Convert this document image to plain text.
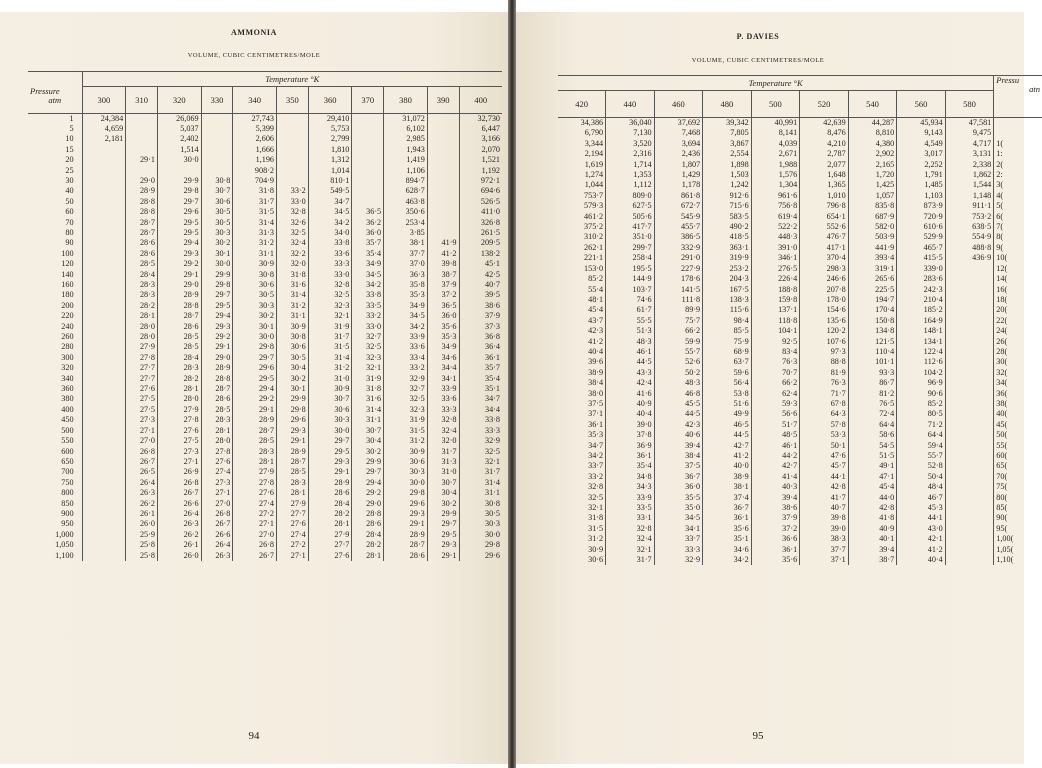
AMMONIA
VOLUME, CUBIC CENTIMETRES/MOLE
	Temperature °K										

Pressure
atm	300	310	320	330	340	350	360	370	380	390	400
1	24,384		26,069		27,743		29,410		31,072		32,730
5	4,659		5,037		5,399		5,753		6,102		6,447
10	2,181		2,402		2,606		2,799		2,985		3,166
15			1,514		1,666		1,810		1,943		2,070
20		29·1	30·0		1,196		1,312		1,419		1,521
25					908·2		1,014		1,106		1,192
30		29·0	29·9	30·8	704·9		810·1		894·7		972·1
40		28·9	29·8	30·7	31·8	33·2	549·5		628·7		694·6
50		28·8	29·7	30·6	31·7	33·0	34·7		463·8		526·5
60		28·8	29·6	30·5	31·5	32·8	34·5	36·5	350·6		411·0
70		28·7	29·5	30·5	31·4	32·6	34·2	36·2	253·4		326·8
80		28·7	29·5	30·3	31·3	32·5	34·0	36·0	3·85		261·5
90		28·6	29·4	30·2	31·2	32·4	33·8	35·7	38·1	41·9	209·5
100		28·6	29·3	30·1	31·1	32·2	33·6	35·4	37·7	41·2	138·2
120		28·5	29·2	30·0	30·9	32·0	33·3	34·9	37·0	39·8	45·1
140		28·4	29·1	29·9	30·8	31·8	33·0	34·5	36·3	38·7	42·5
160		28·3	29·0	29·8	30·6	31·6	32·8	34·2	35·8	37·9	40·7
180		28·3	28·9	29·7	30·5	31·4	32·5	33·8	35·3	37·2	39·5
200		28·2	28·8	29·5	30·3	31·2	32·3	33·5	34·9	36·5	38·6
220		28·1	28·7	29·4	30·2	31·1	32·1	33·2	34·5	36·0	37·9
240		28·0	28·6	29·3	30·1	30·9	31·9	33·0	34·2	35·6	37·3
260		28·0	28·5	29·2	30·0	30·8	31·7	32·7	33·9	35·3	36·8
280		27·9	28·5	29·1	29·8	30·6	31·5	32·5	33·6	34·9	36·4
300		27·8	28·4	29·0	29·7	30·5	31·4	32·3	33·4	34·6	36·1
320		27·7	28·3	28·9	29·6	30·4	31·2	32·1	33·2	34·4	35·7
340		27·7	28·2	28·8	29·5	30·2	31·0	31·9	32·9	34·1	35·4
360		27·6	28·1	28·7	29·4	30·1	30·9	31·8	32·7	33·9	35·1
380		27·5	28·0	28·6	29·2	29·9	30·7	31·6	32·5	33·6	34·7
400		27·5	27·9	28·5	29·1	29·8	30·6	31·4	32·3	33·3	34·4
450		27·3	27·8	28·3	28·9	29·6	30·3	31·1	31·9	32·8	33·8
500		27·1	27·6	28·1	28·7	29·3	30·0	30·7	31·5	32·4	33·3
550		27·0	27·5	28·0	28·5	29·1	29·7	30·4	31·2	32·0	32·9
600		26·8	27·3	27·8	28·3	28·9	29·5	30·2	30·9	31·7	32·5
650		26·7	27·1	27·6	28·1	28·7	29·3	29·9	30·6	31·3	32·1
700		26·5	26·9	27·4	27·9	28·5	29·1	29·7	30·3	31·0	31·7
750		26·4	26·8	27·3	27·8	28·3	28·9	29·4	30·0	30·7	31·4
800		26·3	26·7	27·1	27·6	28·1	28·6	29·2	29·8	30·4	31·1
850		26·2	26·6	27·0	27·4	27·9	28·4	29·0	29·6	30·2	30·8
900		26·1	26·4	26·8	27·2	27·7	28·2	28·8	29·3	29·9	30·5
950		26·0	26·3	26·7	27·1	27·6	28·1	28·6	29·1	29·7	30·3
1,000		25·9	26·2	26·6	27·0	27·4	27·9	28·4	28·9	29·5	30·0
1,050		25·8	26·1	26·4	26·8	27·2	27·7	28·2	28·7	29·3	29·8
1,100		25·8	26·0	26·3	26·7	27·1	27·6	28·1	28·6	29·1	29·6
94
P. DAVIES
VOLUME, CUBIC CENTIMETRES/MOLE
Temperature °K									Pressu
atn

420	440	460	480	500	520	540	560	580	
34,386	36,040	37,692	39,342	40,991	42,639	44,287	45,934	47,581	
6,790	7,130	7,468	7,805	8,141	8,476	8,810	9,143	9,475	
3,344	3,520	3,694	3,867	4,039	4,210	4,380	4,549	4,717	1(
2,194	2,316	2,436	2,554	2,671	2,787	2,902	3,017	3,131	1:
1,619	1,714	1,807	1,898	1,988	2,077	2,165	2,252	2,338	2(
1,274	1,353	1,429	1,503	1,576	1,648	1,720	1,791	1,862	2:
1,044	1,112	1,178	1,242	1,304	1,365	1,425	1,485	1,544	3(
753·7	809·0	861·8	912·6	961·6	1,010	1,057	1,103	1,148	4(
579·3	627·5	672·7	715·6	756·8	796·8	835·8	873·9	911·1	5(
461·2	505·6	545·9	583·5	619·4	654·1	687·9	720·9	753·2	6(
375·2	417·7	455·7	490·2	522·2	552·6	582·0	610·6	638·5	7(
310·2	351·0	386·5	418·5	448·3	476·7	503·9	529·9	554·9	8(
262·1	299·7	332·9	363·1	391·0	417·1	441·9	465·7	488·8	9(
221·1	258·4	291·0	319·9	346·1	370·4	393·4	415·5	436·9	10(
153·0	195·5	227·9	253·2	276·5	298·3	319·1	339·0		12(
85·2	144·9	178·6	204·3	226·4	246·6	265·6	283·6		14(
55·4	103·7	141·5	167·5	188·8	207·8	225·5	242·3		16(
48·1	74·6	111·8	138·3	159·8	178·0	194·7	210·4		18(
45·4	61·7	89·9	115·6	137·1	154·6	170·4	185·2		20(
43·7	55·5	75·7	98·4	118·8	135·6	150·8	164·9		22(
42·3	51·3	66·2	85·5	104·1	120·2	134·8	148·1		24(
41·2	48·3	59·9	75·9	92·5	107·6	121·5	134·1		26(
40·4	46·1	55·7	68·9	83·4	97·3	110·4	122·4		28(
39·6	44·5	52·6	63·7	76·3	88·8	101·1	112·6		30(
38·9	43·3	50·2	59·6	70·7	81·9	93·3	104·2		32(
38·4	42·4	48·3	56·4	66·2	76·3	86·7	96·9		34(
38·0	41·6	46·8	53·8	62·4	71·7	81·2	90·6		36(
37·5	40·9	45·5	51·6	59·3	67·8	76·5	85·2		38(
37·1	40·4	44·5	49·9	56·6	64·3	72·4	80·5		40(
36·1	39·0	42·3	46·5	51·7	57·8	64·4	71·2		45(
35·3	37·8	40·6	44·5	48·5	53·3	58·6	64·4		50(
34·7	36·9	39·4	42·7	46·1	50·1	54·5	59·4		55(
34·2	36·1	38·4	41·2	44·2	47·6	51·5	55·7		60(
33·7	35·4	37·5	40·0	42·7	45·7	49·1	52·8		65(
33·2	34·8	36·7	38·9	41·4	44·1	47·1	50·4		70(
32·8	34·3	36·0	38·1	40·3	42·8	45·4	48·4		75(
32·5	33·9	35·5	37·4	39·4	41·7	44·0	46·7		80(
32·1	33·5	35·0	36·7	38·6	40·7	42·8	45·3		85(
31·8	33·1	34·5	36·1	37·9	39·8	41·8	44·1		90(
31·5	32·8	34·1	35·6	37·2	39·0	40·9	43·0		95(
31·2	32·4	33·7	35·1	36·6	38·3	40·1	42·1		1,00(
30·9	32·1	33·3	34·6	36·1	37·7	39·4	41·2		1,05(
30·6	31·7	32·9	34·2	35·6	37·1	38·7	40·4		1,10(
95
